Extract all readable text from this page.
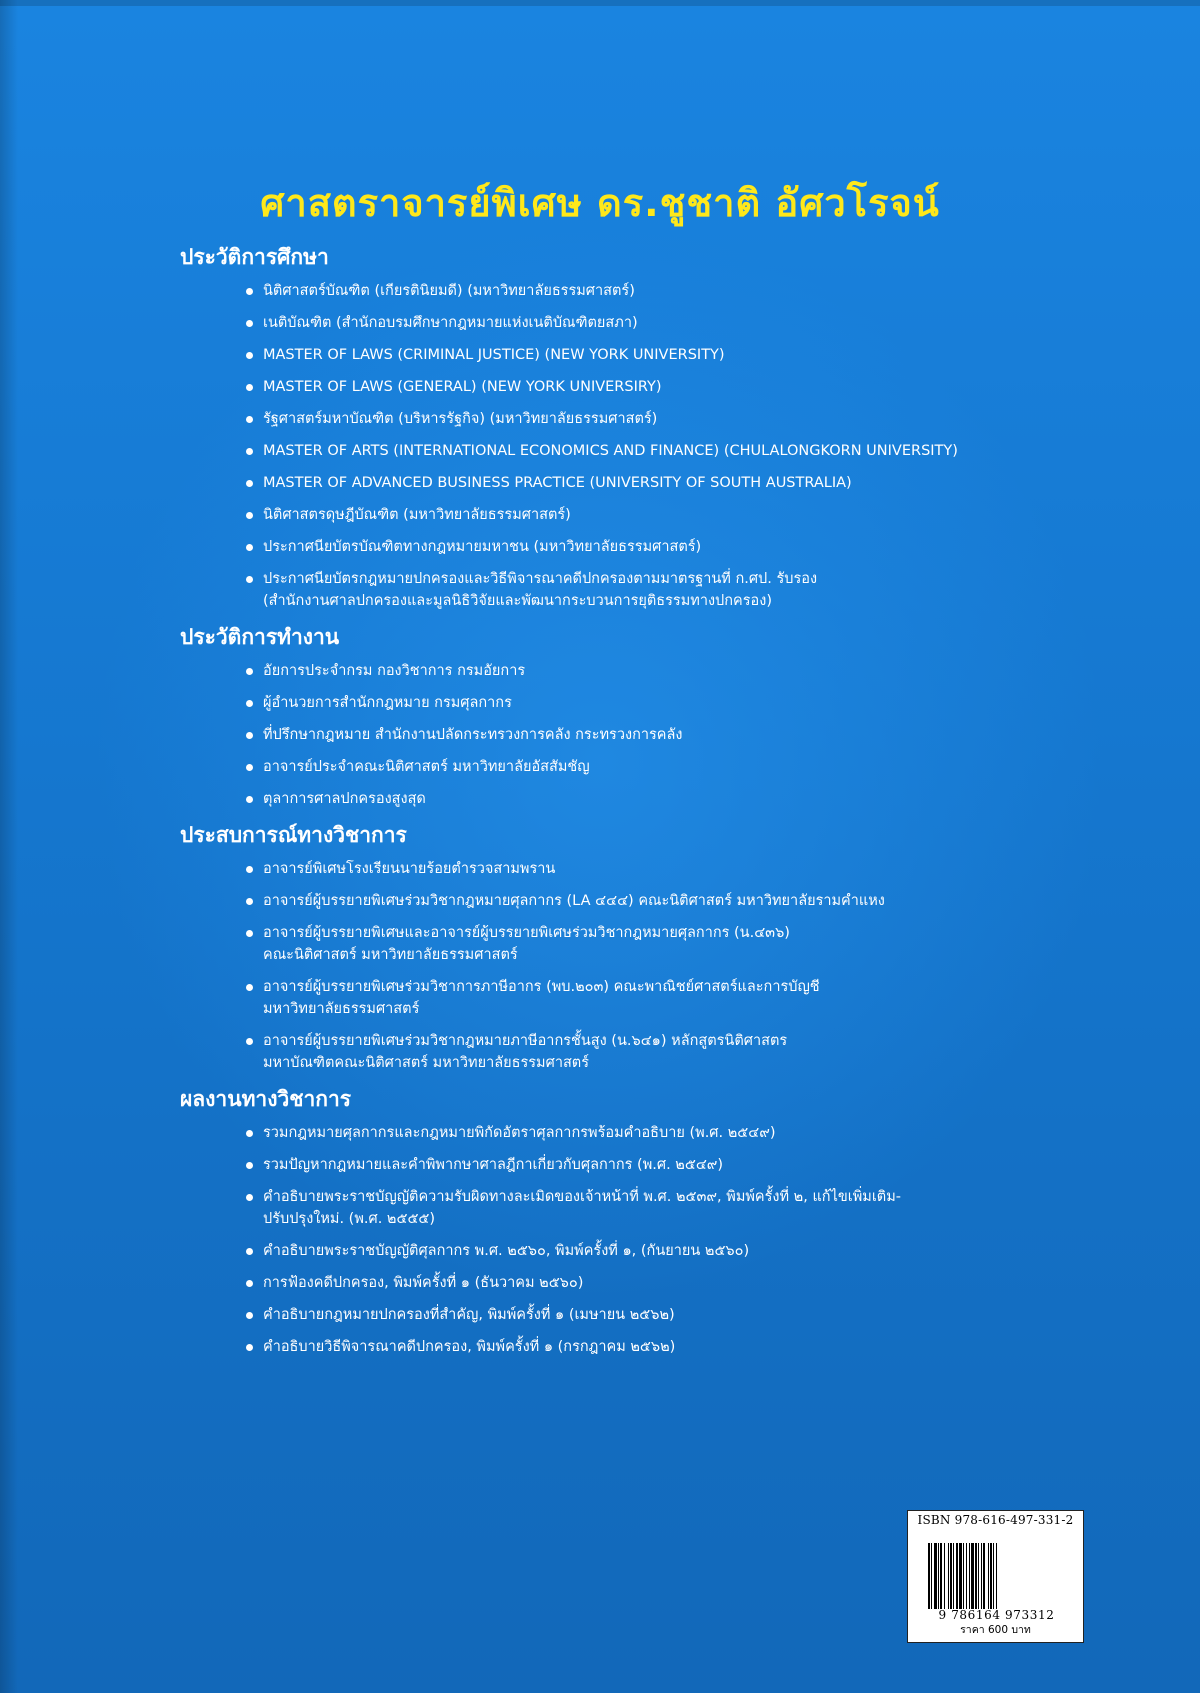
ศาสตราจารย์พิเศษ ดร.ชูชาติ อัศวโรจน์
ประวัติการศึกษา
นิติศาสตร์บัณฑิต (เกียรตินิยมดี) (มหาวิทยาลัยธรรมศาสตร์)
เนติบัณฑิต (สำนักอบรมศึกษากฎหมายแห่งเนติบัณฑิตยสภา)
MASTER OF LAWS (CRIMINAL JUSTICE) (NEW YORK UNIVERSITY)
MASTER OF LAWS (GENERAL) (NEW YORK UNIVERSIRY)
รัฐศาสตร์มหาบัณฑิต (บริหารรัฐกิจ) (มหาวิทยาลัยธรรมศาสตร์)
MASTER OF ARTS (INTERNATIONAL ECONOMICS AND FINANCE) (CHULALONGKORN UNIVERSITY)
MASTER OF ADVANCED BUSINESS PRACTICE (UNIVERSITY OF SOUTH AUSTRALIA)
นิติศาสตรดุษฎีบัณฑิต (มหาวิทยาลัยธรรมศาสตร์)
ประกาศนียบัตรบัณฑิตทางกฎหมายมหาชน (มหาวิทยาลัยธรรมศาสตร์)
ประกาศนียบัตรกฎหมายปกครองและวิธีพิจารณาคดีปกครองตามมาตรฐานที่ ก.ศป. รับรอง
(สำนักงานศาลปกครองและมูลนิธิวิจัยและพัฒนากระบวนการยุติธรรมทางปกครอง)
ประวัติการทำงาน
อัยการประจำกรม กองวิชาการ กรมอัยการ
ผู้อำนวยการสำนักกฎหมาย กรมศุลกากร
ที่ปรึกษากฎหมาย สำนักงานปลัดกระทรวงการคลัง กระทรวงการคลัง
อาจารย์ประจำคณะนิติศาสตร์ มหาวิทยาลัยอัสสัมชัญ
ตุลาการศาลปกครองสูงสุด
ประสบการณ์ทางวิชาการ
อาจารย์พิเศษโรงเรียนนายร้อยตำรวจสามพราน
อาจารย์ผู้บรรยายพิเศษร่วมวิชากฎหมายศุลกากร (LA ๔๔๔) คณะนิติศาสตร์ มหาวิทยาลัยรามคำแหง
อาจารย์ผู้บรรยายพิเศษและอาจารย์ผู้บรรยายพิเศษร่วมวิชากฎหมายศุลกากร (น.๔๓๖)
คณะนิติศาสตร์ มหาวิทยาลัยธรรมศาสตร์
อาจารย์ผู้บรรยายพิเศษร่วมวิชาการภาษีอากร (พบ.๒๐๓) คณะพาณิชย์ศาสตร์และการบัญชี
มหาวิทยาลัยธรรมศาสตร์
อาจารย์ผู้บรรยายพิเศษร่วมวิชากฎหมายภาษีอากรชั้นสูง (น.๖๔๑) หลักสูตรนิติศาสตร
มหาบัณฑิตคณะนิติศาสตร์ มหาวิทยาลัยธรรมศาสตร์
ผลงานทางวิชาการ
รวมกฎหมายศุลกากรและกฎหมายพิกัดอัตราศุลกากรพร้อมคำอธิบาย (พ.ศ. ๒๕๔๙)
รวมปัญหากฎหมายและคำพิพากษาศาลฎีกาเกี่ยวกับศุลกากร (พ.ศ. ๒๕๔๙)
คำอธิบายพระราชบัญญัติความรับผิดทางละเมิดของเจ้าหน้าที่ พ.ศ. ๒๕๓๙, พิมพ์ครั้งที่ ๒, แก้ไขเพิ่มเติม-
ปรับปรุงใหม่. (พ.ศ. ๒๕๕๕)
คำอธิบายพระราชบัญญัติศุลกากร พ.ศ. ๒๕๖๐, พิมพ์ครั้งที่ ๑, (กันยายน ๒๕๖๐)
การฟ้องคดีปกครอง, พิมพ์ครั้งที่ ๑ (ธันวาคม ๒๕๖๐)
คำอธิบายกฎหมายปกครองที่สำคัญ, พิมพ์ครั้งที่ ๑ (เมษายน ๒๕๖๒)
คำอธิบายวิธีพิจารณาคดีปกครอง, พิมพ์ครั้งที่ ๑ (กรกฎาคม ๒๕๖๒)
ISBN 978-616-497-331-2
9 786164 973312
ราคา 600 บาท
